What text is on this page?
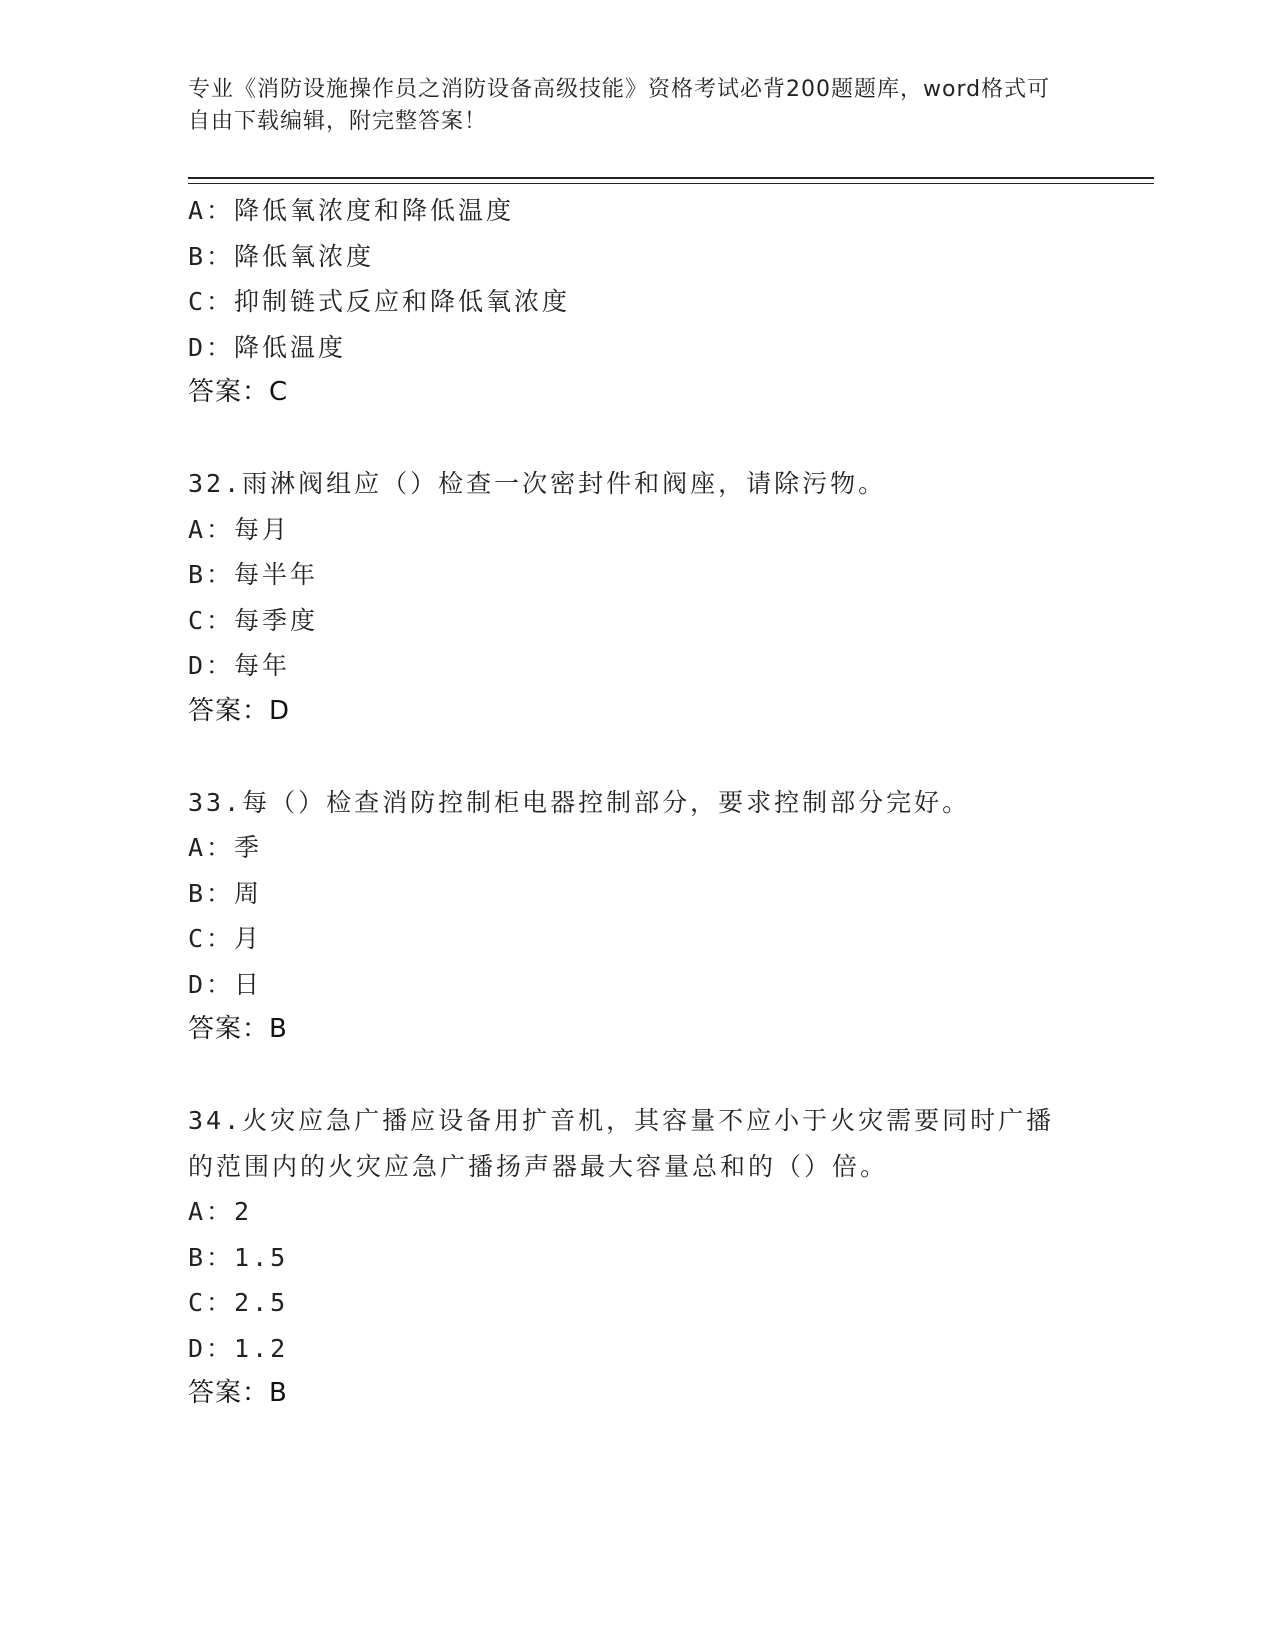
专业《消防设施操作员之消防设备高级技能》资格考试必背200题题库，word格式可自由下载编辑，附完整答案！
A：降低氧浓度和降低温度
B：降低氧浓度
C：抑制链式反应和降低氧浓度
D：降低温度
答案：C
32.雨淋阀组应（）检查一次密封件和阀座，请除污物。
A：每月
B：每半年
C：每季度
D：每年
答案：D
33.每（）检查消防控制柜电器控制部分，要求控制部分完好。
A：季
B：周
C：月
D：日
答案：B
34.火灾应急广播应设备用扩音机，其容量不应小于火灾需要同时广播的范围内的火灾应急广播扬声器最大容量总和的（）倍。
A：2
B：1.5
C：2.5
D：1.2
答案：B
